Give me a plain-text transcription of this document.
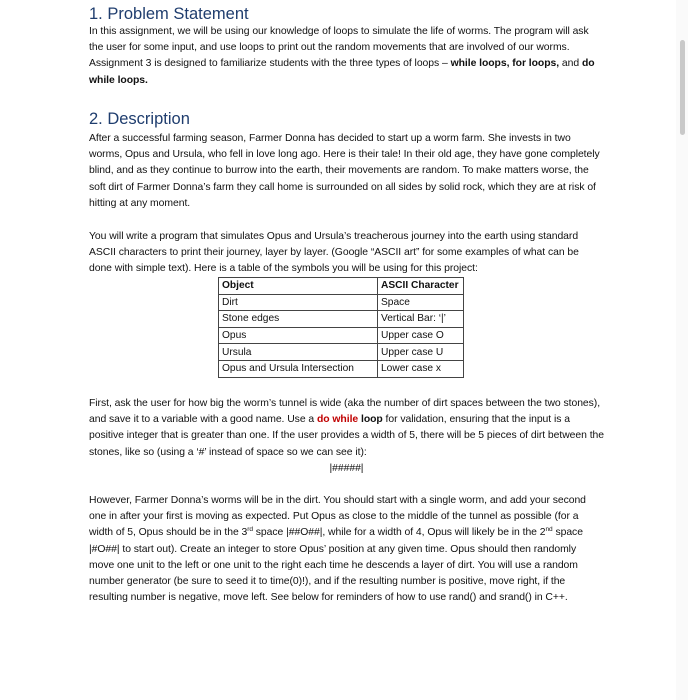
1. Problem Statement

In this assignment, we will be using our knowledge of loops to simulate the life of worms. The program will ask the user for some input, and use loops to print out the random movements that are involved of our worms. Assignment 3 is designed to familiarize students with the three types of loops – while loops, for loops, and do while loops.

2. Description

After a successful farming season, Farmer Donna has decided to start up a worm farm. She invests in two worms, Opus and Ursula, who fell in love long ago. Here is their tale! In their old age, they have gone completely blind, and as they continue to burrow into the earth, their movements are random. To make matters worse, the soft dirt of Farmer Donna’s farm they call home is surrounded on all sides by solid rock, which they are at risk of hitting at any moment.

You will write a program that simulates Opus and Ursula’s treacherous journey into the earth using standard ASCII characters to print their journey, layer by layer. (Google “ASCII art” for some examples of what can be done with simple text). Here is a table of the symbols you will be using for this project:

Object	ASCII Character
Dirt	Space
Stone edges	Vertical Bar: ‘|’
Opus	Upper case O
Ursula	Upper case U
Opus and Ursula Intersection	Lower case x

First, ask the user for how big the worm’s tunnel is wide (aka the number of dirt spaces between the two stones), and save it to a variable with a good name. Use a do while loop for validation, ensuring that the input is a positive integer that is greater than one. If the user provides a width of 5, there will be 5 pieces of dirt between the stones, like so (using a ‘#’ instead of space so we can see it):

|#####|

However, Farmer Donna’s worms will be in the dirt. You should start with a single worm, and add your second one in after your first is moving as expected. Put Opus as close to the middle of the tunnel as possible (for a width of 5, Opus should be in the 3rd space |##O##|, while for a width of 4, Opus will likely be in the 2nd space |#O##| to start out). Create an integer to store Opus’ position at any given time. Opus should then randomly move one unit to the left or one unit to the right each time he descends a layer of dirt. You will use a random number generator (be sure to seed it to time(0)!), and if the resulting number is positive, move right, if the resulting number is negative, move left. See below for reminders of how to use rand() and srand() in C++.
